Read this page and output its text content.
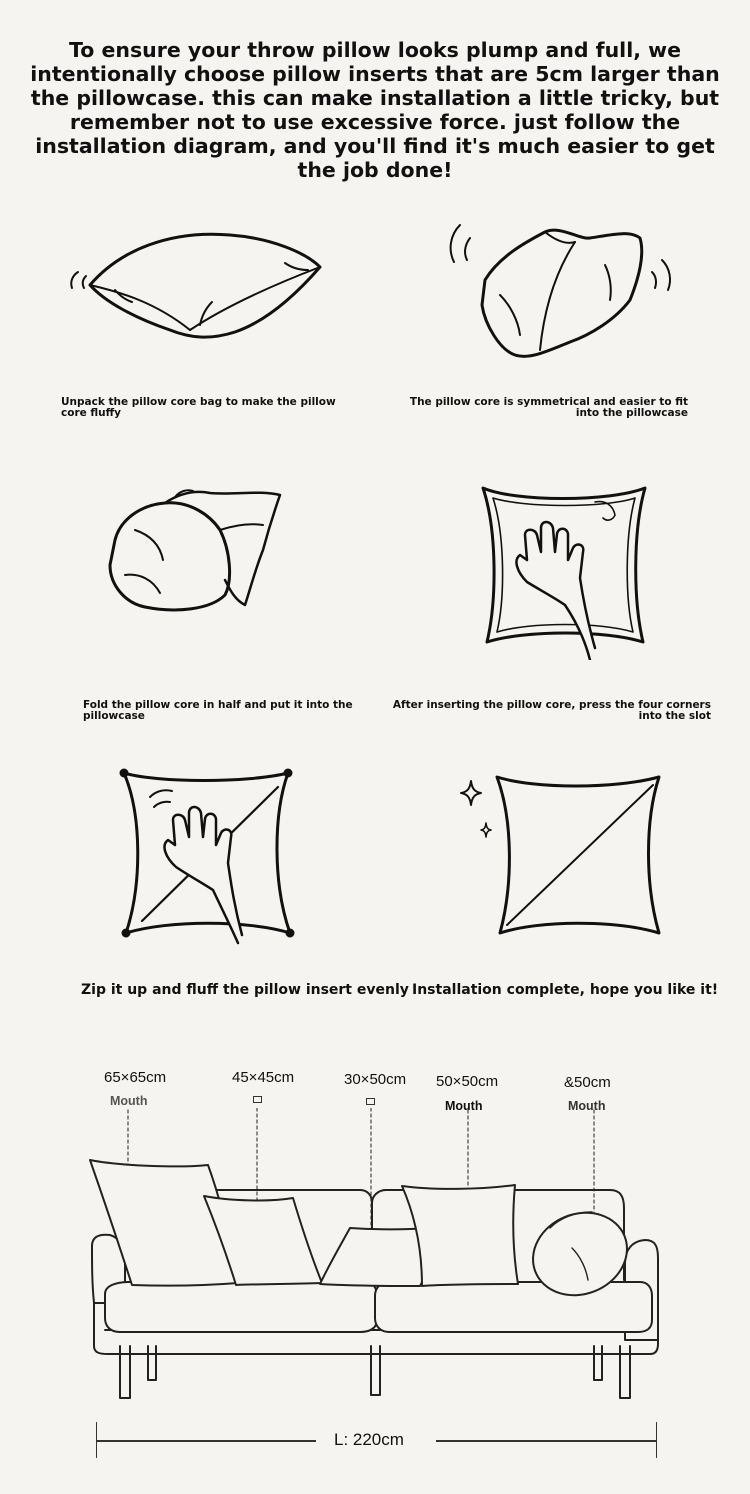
To ensure your throw pillow looks plump and full, we intentionally choose pillow inserts that are 5cm larger than the pillowcase. this can make installation a little tricky, but remember not to use excessive force. just follow the installation diagram, and you'll find it's much easier to get the job done!

Unpack the pillow core bag to make the pillow core fluffy

The pillow core is symmetrical and easier to fit into the pillowcase

Fold the pillow core in half and put it into the pillowcase

After inserting the pillow core, press the four corners into the slot

Zip it up and fluff the pillow insert evenly Installation complete, hope you like it!

65×65cm
Mouth
45×45cm	30×50cm 50×50cm
Mouth
&50cm
Mouth
L: 220cm
